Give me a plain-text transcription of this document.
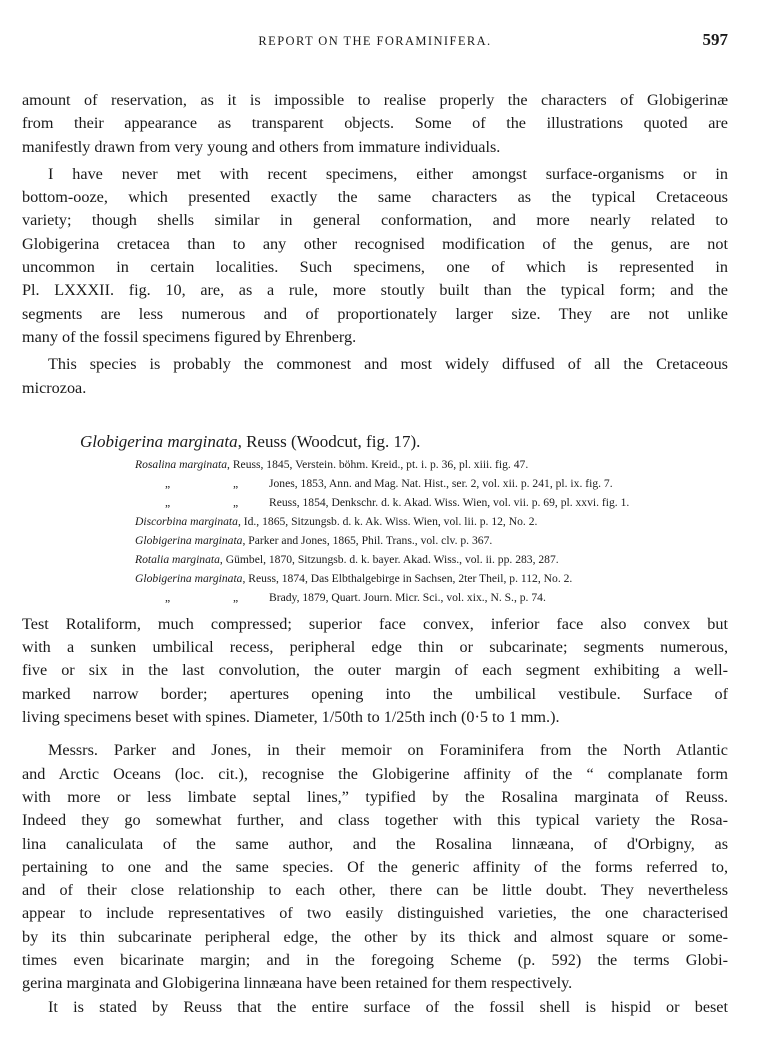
REPORT ON THE FORAMINIFERA.	597

amount of reservation, as it is impossible to realise properly the characters of Globigerinæ
from their appearance as transparent objects. Some of the illustrations quoted are
manifestly drawn from very young and others from immature individuals.

I have never met with recent specimens, either amongst surface-organisms or in
bottom-ooze, which presented exactly the same characters as the typical Cretaceous
variety; though shells similar in general conformation, and more nearly related to
Globigerina cretacea than to any other recognised modification of the genus, are not
uncommon in certain localities. Such specimens, one of which is represented in
Pl. LXXXII. fig. 10, are, as a rule, more stoutly built than the typical form; and the
segments are less numerous and of proportionately larger size. They are not unlike
many of the fossil specimens figured by Ehrenberg.

This species is probably the commonest and most widely diffused of all the Cretaceous
microzoa.

Globigerina marginata, Reuss (Woodcut, fig. 17).
Rosalina marginata, Reuss, 1845, Verstein. böhm. Kreid., pt. i. p. 36, pl. xiii. fig. 47.
„ „Jones, 1853, Ann. and Mag. Nat. Hist., ser. 2, vol. xii. p. 241, pl. ix. fig. 7.
„ „Reuss, 1854, Denkschr. d. k. Akad. Wiss. Wien, vol. vii. p. 69, pl. xxvi. fig. 1.
Discorbina marginata, Id., 1865, Sitzungsb. d. k. Ak. Wiss. Wien, vol. lii. p. 12, No. 2.
Globigerina marginata, Parker and Jones, 1865, Phil. Trans., vol. clv. p. 367.
Rotalia marginata, Gümbel, 1870, Sitzungsb. d. k. bayer. Akad. Wiss., vol. ii. pp. 283, 287.
Globigerina marginata, Reuss, 1874, Das Elbthalgebirge in Sachsen, 2ter Theil, p. 112, No. 2.
„ „Brady, 1879, Quart. Journ. Micr. Sci., vol. xix., N. S., p. 74.

Test Rotaliform, much compressed; superior face convex, inferior face also convex but
with a sunken umbilical recess, peripheral edge thin or subcarinate; segments numerous,
five or six in the last convolution, the outer margin of each segment exhibiting a well-
marked narrow border; apertures opening into the umbilical vestibule. Surface of
living specimens beset with spines. Diameter, 1/50th to 1/25th inch (0·5 to 1 mm.).

Messrs. Parker and Jones, in their memoir on Foraminifera from the North Atlantic
and Arctic Oceans (loc. cit.), recognise the Globigerine affinity of the “ complanate form
with more or less limbate septal lines,” typified by the Rosalina marginata of Reuss.
Indeed they go somewhat further, and class together with this typical variety the Rosa-
lina canaliculata of the same author, and the Rosalina linnæana, of d'Orbigny, as
pertaining to one and the same species. Of the generic affinity of the forms referred to,
and of their close relationship to each other, there can be little doubt. They nevertheless
appear to include representatives of two easily distinguished varieties, the one characterised
by its thin subcarinate peripheral edge, the other by its thick and almost square or some-
times even bicarinate margin; and in the foregoing Scheme (p. 592) the terms Globi-
gerina marginata and Globigerina linnæana have been retained for them respectively.

It is stated by Reuss that the entire surface of the fossil shell is hispid or beset
